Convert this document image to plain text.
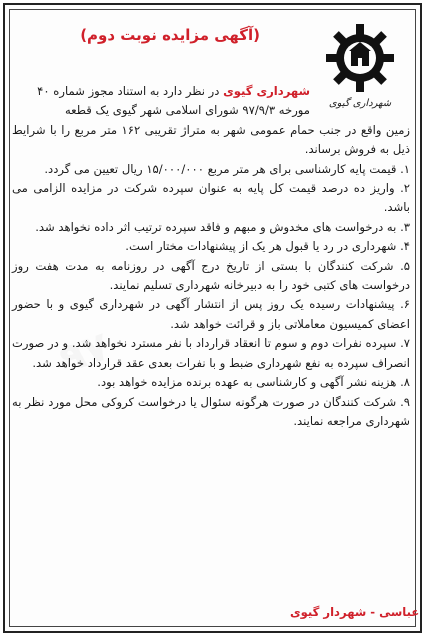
(آگهی مزایده نوبت دوم)
شهرداری گیوی
شهرداری گیوی در نظر دارد به استناد مجوز شماره ۴۰
مورخه ۹۷/۹/۳ شورای اسلامی شهر گیوی یک قطعه
زمین واقع در جنب حمام عمومی شهر به متراژ تقریبی ۱۶۲ متر مربع را با شرایط ذیل به فروش برساند.

۱. قیمت پایه کارشناسی برای هر متر مربع ۱۵/۰۰۰/۰۰۰ ریال تعیین می گردد.

۲. واریز ده درصد قیمت کل پایه به عنوان سپرده شرکت در مزایده الزامی می باشد.

۳. به درخواست های مخدوش و مبهم و فاقد سپرده ترتیب اثر داده نخواهد شد.

۴. شهرداری در رد یا قبول هر یک از پیشنهادات مختار است.

۵. شرکت کنندگان با بستی از تاریخ درج آگهی در روزنامه به مدت هفت روز درخواست های کتبی خود را به دبیرخانه شهرداری تسلیم نمایند.

۶. پیشنهادات رسیده یک روز پس از انتشار آگهی در شهرداری گیوی و با حضور اعضای کمیسیون معاملاتی باز و قرائت خواهد شد.

۷. سپرده نفرات دوم و سوم تا انعقاد قرارداد با نفر مسترد نخواهد شد. و در صورت انصراف سپرده به نفع شهرداری ضبط و با نفرات بعدی عقد قرارداد خواهد شد.

۸. هزینه نشر آگهی و کارشناسی به عهده برنده مزایده خواهد بود.

۹. شرکت کنندگان در صورت هرگونه سئوال یا درخواست کروکی محل مورد نظر به شهرداری مراجعه نمایند.

عباسی - شهردار گیوی
